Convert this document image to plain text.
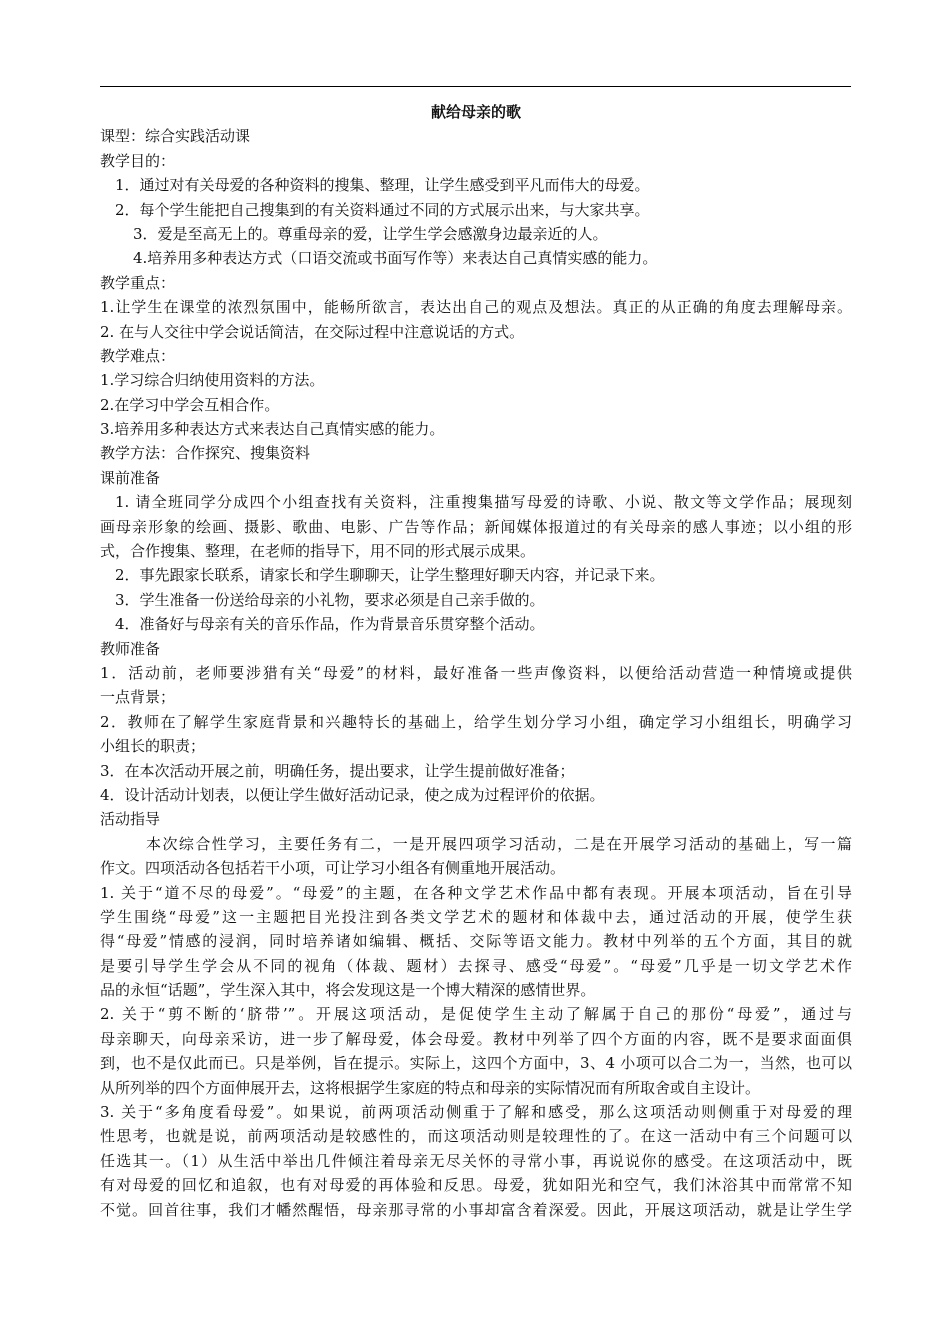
献给母亲的歌
课型：综合实践活动课
教学目的：
1．通过对有关母爱的各种资料的搜集、整理，让学生感受到平凡而伟大的母爱。
2．每个学生能把自己搜集到的有关资料通过不同的方式展示出来，与大家共享。
3．爱是至高无上的。尊重母亲的爱，让学生学会感激身边最亲近的人。
4.培养用多种表达方式（口语交流或书面写作等）来表达自己真情实感的能力。
教学重点：
1.让学生在课堂的浓烈氛围中，能畅所欲言，表达出自己的观点及想法。真正的从正确的角度去理解母亲。
2. 在与人交往中学会说话简洁，在交际过程中注意说话的方式。
教学难点：
1.学习综合归纳使用资料的方法。
2.在学习中学会互相合作。
3.培养用多种表达方式来表达自己真情实感的能力。
教学方法：合作探究、搜集资料
课前准备
1. 请全班同学分成四个小组查找有关资料，注重搜集描写母爱的诗歌、小说、散文等文学作品；展现刻
画母亲形象的绘画、摄影、歌曲、电影、广告等作品；新闻媒体报道过的有关母亲的感人事迹；以小组的形
式，合作搜集、整理，在老师的指导下，用不同的形式展示成果。
2．事先跟家长联系，请家长和学生聊聊天，让学生整理好聊天内容，并记录下来。
3．学生准备一份送给母亲的小礼物，要求必须是自己亲手做的。
4．准备好与母亲有关的音乐作品，作为背景音乐贯穿整个活动。
教师准备
1．活动前，老师要涉猎有关“母爱”的材料，最好准备一些声像资料，以便给活动营造一种情境或提供
一点背景；
2．教师在了解学生家庭背景和兴趣特长的基础上，给学生划分学习小组，确定学习小组组长，明确学习
小组长的职责；
3．在本次活动开展之前，明确任务，提出要求，让学生提前做好准备；
4．设计活动计划表，以便让学生做好活动记录，使之成为过程评价的依据。
活动指导
本次综合性学习，主要任务有二，一是开展四项学习活动，二是在开展学习活动的基础上，写一篇
作文。四项活动各包括若干小项，可让学习小组各有侧重地开展活动。
1. 关于“道不尽的母爱”。“母爱”的主题，在各种文学艺术作品中都有表现。开展本项活动，旨在引导
学生围绕“母爱”这一主题把目光投注到各类文学艺术的题材和体裁中去，通过活动的开展，使学生获
得“母爱”情感的浸润，同时培养诸如编辑、概括、交际等语文能力。教材中列举的五个方面，其目的就
是要引导学生学会从不同的视角（体裁、题材）去探寻、感受“母爱”。“母爱”几乎是一切文学艺术作
品的永恒“话题”，学生深入其中，将会发现这是一个博大精深的感情世界。
2. 关于“剪不断的‘脐带’”。开展这项活动，是促使学生主动了解属于自己的那份“母爱”，通过与
母亲聊天，向母亲采访，进一步了解母爱，体会母爱。教材中列举了四个方面的内容，既不是要求面面俱
到，也不是仅此而已。只是举例，旨在提示。实际上，这四个方面中，3、4 小项可以合二为一，当然，也可以
从所列举的四个方面伸展开去，这将根据学生家庭的特点和母亲的实际情况而有所取舍或自主设计。
3. 关于“多角度看母爱”。如果说，前两项活动侧重于了解和感受，那么这项活动则侧重于对母爱的理
性思考，也就是说，前两项活动是较感性的，而这项活动则是较理性的了。在这一活动中有三个问题可以
任选其一。（1）从生活中举出几件倾注着母亲无尽关怀的寻常小事，再说说你的感受。在这项活动中，既
有对母爱的回忆和追叙，也有对母爱的再体验和反思。母爱，犹如阳光和空气，我们沐浴其中而常常不知
不觉。回首往事，我们才幡然醒悟，母亲那寻常的小事却富含着深爱。因此，开展这项活动，就是让学生学
